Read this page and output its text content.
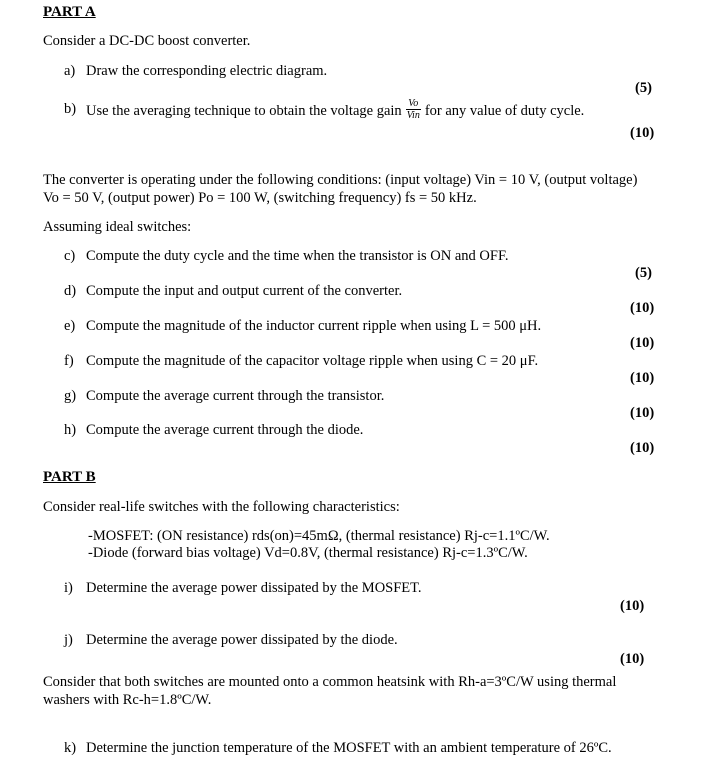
PART A
Consider a DC-DC boost converter.
a) Draw the corresponding electric diagram.
(5)
b) Use the averaging technique to obtain the voltage gain $\frac{Vo}{\text{Vin}}$ for any value of duty cycle.
(10)
The converter is operating under the following conditions: (input voltage) Vin = 10 V, (output voltage)
Vo = 50 V, (output power) Po = 100 W, (switching frequency) fs = 50 kHz.
Assuming ideal switches:
c) Compute the duty cycle and the time when the transistor is ON and OFF.
(5)
d) Compute the input and output current of the converter.
(10)
e) Compute the magnitude of the inductor current ripple when using L = 500 μH.
(10)
f) Compute the magnitude of the capacitor voltage ripple when using C = 20 μF.
(10)
g) Compute the average current through the transistor.
(10)
h) Compute the average current through the diode.
(10)
PART B
Consider real-life switches with the following characteristics:
-MOSFET: (ON resistance) rds(on)=45mΩ, (thermal resistance) Rj-c=1.1ºC/W.
-Diode (forward bias voltage) Vd=0.8V, (thermal resistance) Rj-c=1.3ºC/W.
i) Determine the average power dissipated by the MOSFET.
(10)
j) Determine the average power dissipated by the diode.
(10)
Consider that both switches are mounted onto a common heatsink with Rh-a=3ºC/W using thermal
washers with Rc-h=1.8ºC/W.
k) Determine the junction temperature of the MOSFET with an ambient temperature of 26ºC.
